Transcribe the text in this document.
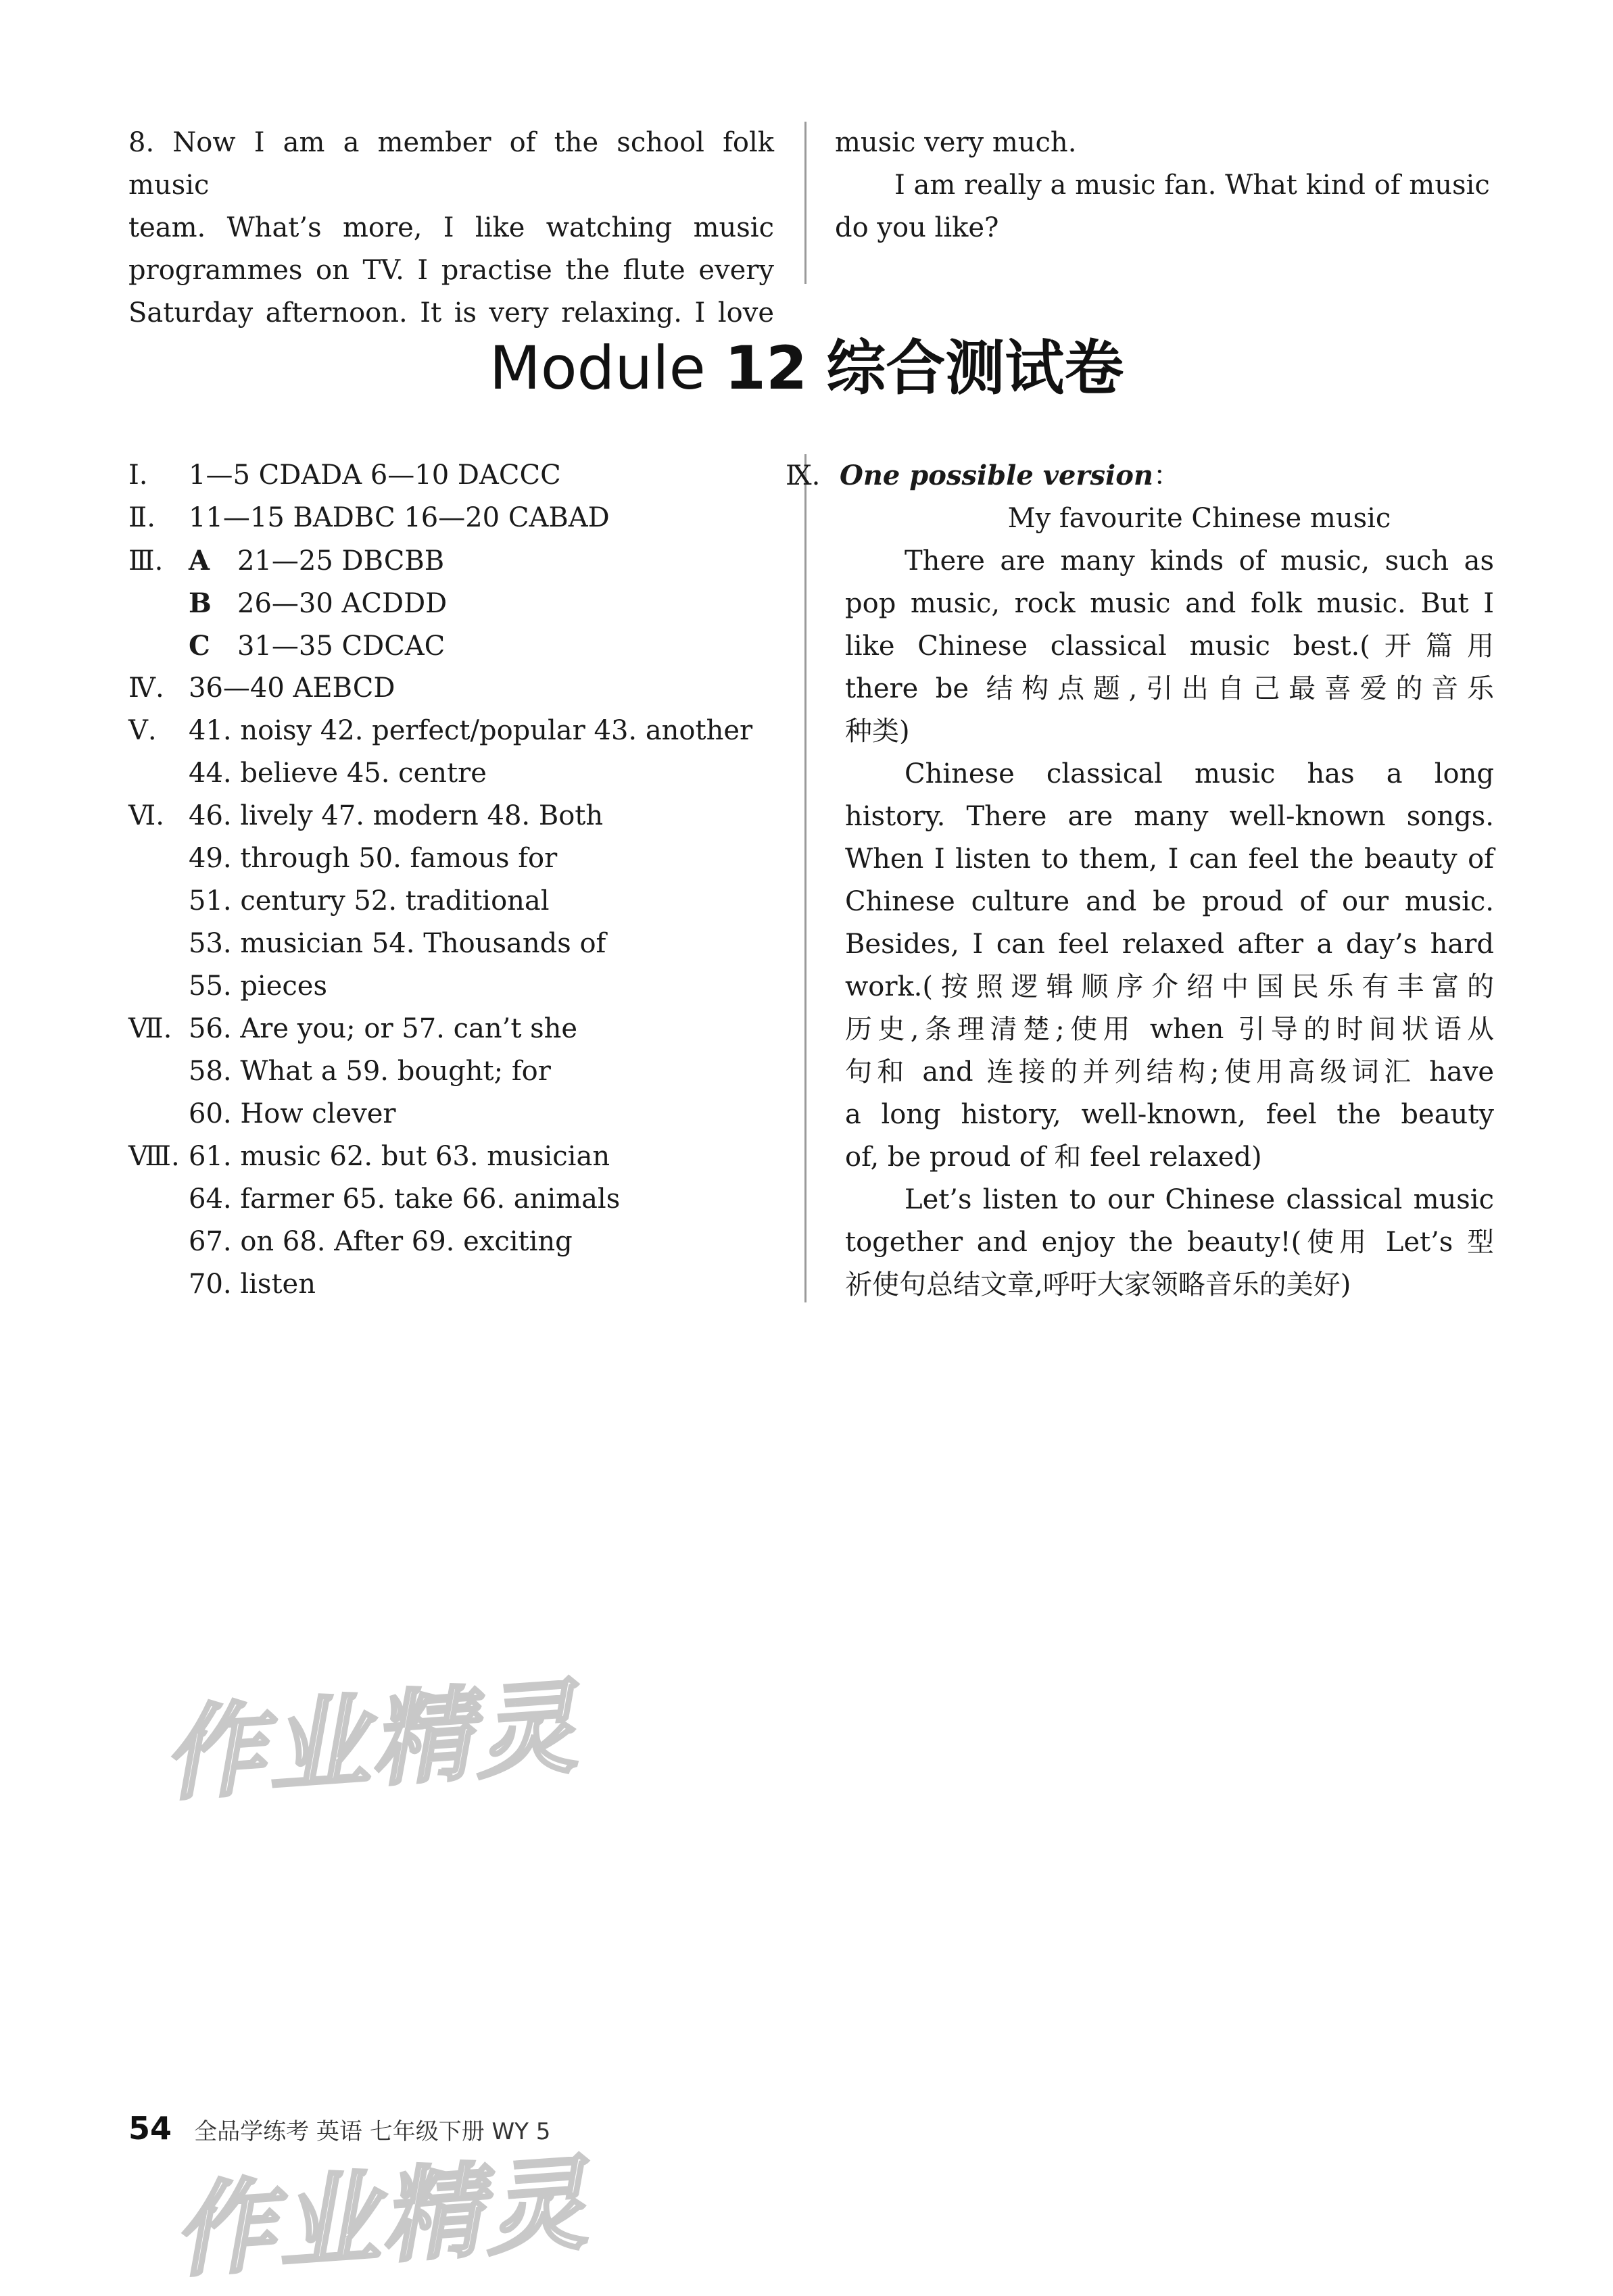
8. Now I am a member of the school folk music
team. What’s more, I like watching music
programmes on TV. I practise the flute every
Saturday afternoon. It is very relaxing. I love
music very much.
I am really a music fan. What kind of music
do you like?
Module 12 综合测试卷
Ⅰ. 1—5 CDADA 6—10 DACCC
Ⅱ. 11—15 BADBC 16—20 CABAD
Ⅲ. A 21—25 DBCBB
B 26—30 ACDDD
C 31—35 CDCAC
Ⅳ. 36—40 AEBCD
Ⅴ. 41. noisy 42. perfect/popular 43. another
44. believe 45. centre
Ⅵ. 46. lively 47. modern 48. Both
49. through 50. famous for
51. century 52. traditional
53. musician 54. Thousands of
55. pieces
Ⅶ. 56. Are you; or 57. can’t she
58. What a 59. bought; for
60. How clever
Ⅷ. 61. music 62. but 63. musician
64. farmer 65. take 66. animals
67. on 68. After 69. exciting
70. listen
Ⅸ. One possible version：
My favourite Chinese music

There are many kinds of music, such as
pop music, rock music and folk music. But I
like Chinese classical music best.(开篇用
there be 结构点题,引出自己最喜爱的音乐
种类)

Chinese classical music has a long
history. There are many well-known songs.
When I listen to them, I can feel the beauty of
Chinese culture and be proud of our music.
Besides, I can feel relaxed after a day’s hard
work.(按照逻辑顺序介绍中国民乐有丰富的
历史,条理清楚;使用 when 引导的时间状语从
句和 and 连接的并列结构;使用高级词汇 have
a long history, well-known, feel the beauty
of, be proud of 和 feel relaxed)

Let’s listen to our Chinese classical music
together and enjoy the beauty!(使用 Let’s 型
祈使句总结文章,呼吁大家领略音乐的美好)

作业精灵
作业精灵
54 全品学练考 英语 七年级下册 WY 5
